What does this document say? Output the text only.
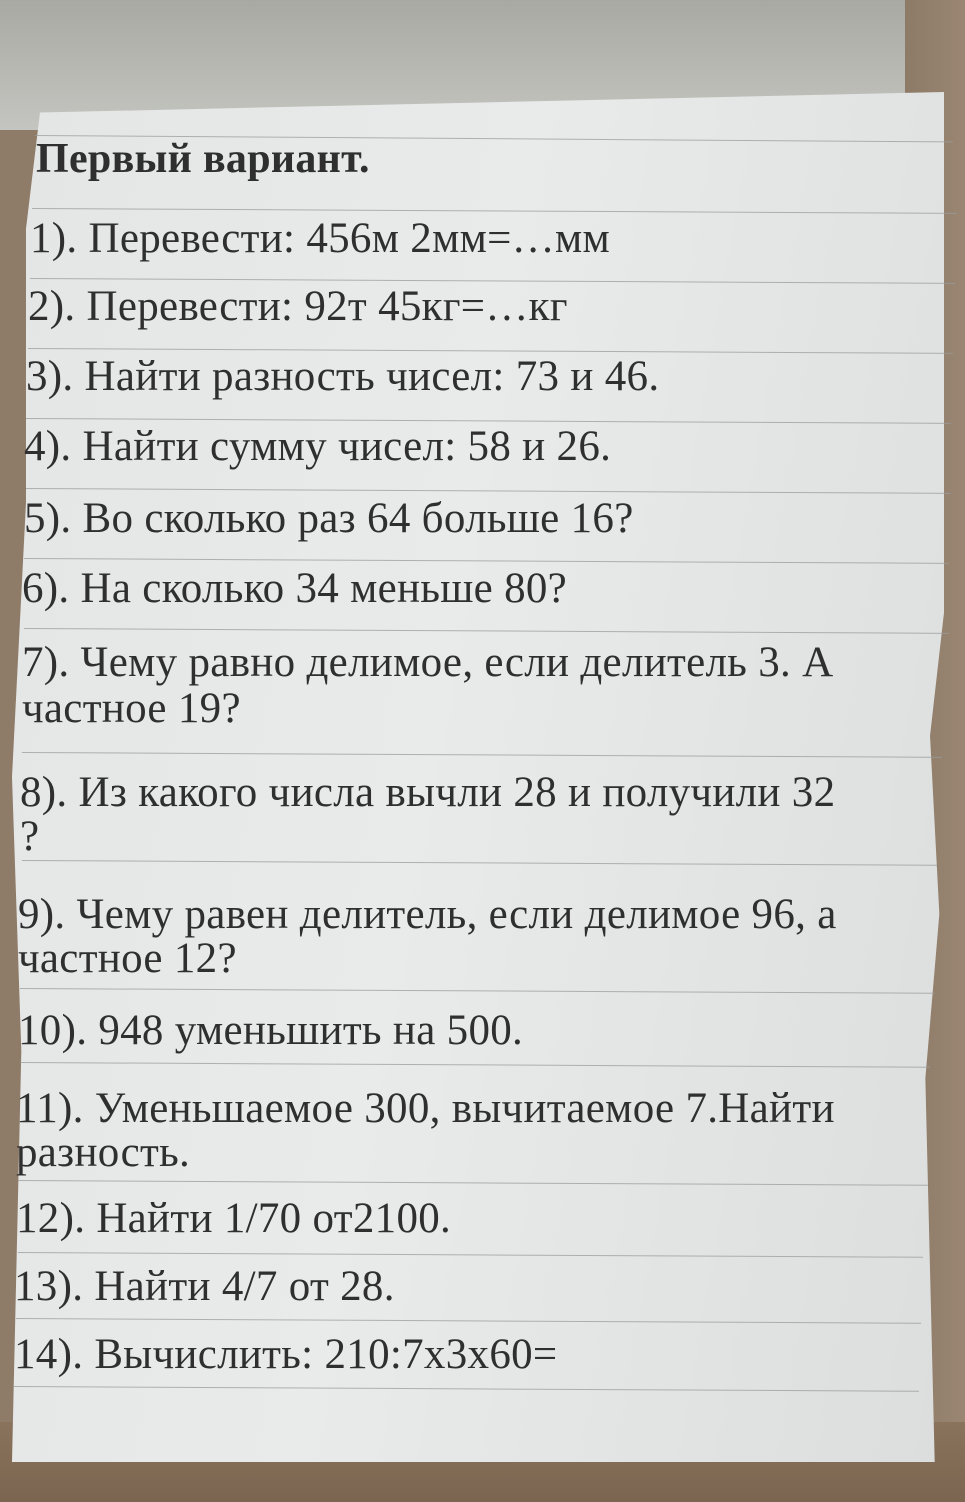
Первый вариант.

1). Перевести: 456м 2мм=…мм

2). Перевести: 92т 45кг=…кг

3). Найти разность чисел: 73 и 46.

4). Найти сумму чисел: 58 и 26.

5). Во сколько раз 64 больше 16?

6). На сколько 34 меньше 80?

7). Чему равно делимое, если делитель 3. А

частное 19?

8). Из какого числа вычли 28 и получили 32

?

9). Чему равен делитель, если делимое 96, а

частное 12?

10). 948 уменьшить на 500.

11). Уменьшаемое 300, вычитаемое 7.Найти

разность.

12). Найти 1/70 от2100.

13). Найти 4/7 от 28.

14). Вычислить: 210:7х3х60=
